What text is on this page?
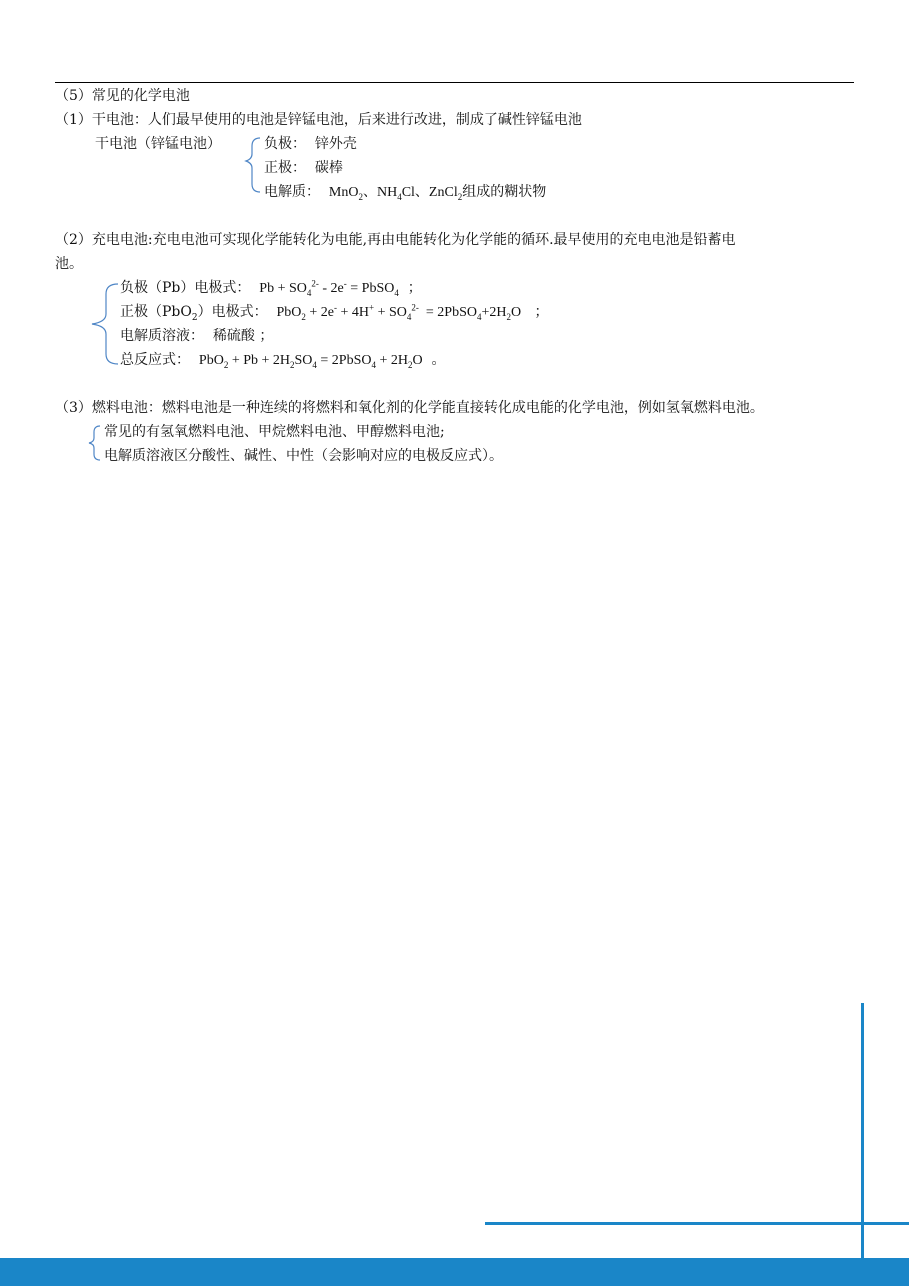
（5）常见的化学电池
（1）干电池：人们最早使用的电池是锌锰电池，后来进行改进，制成了碱性锌锰电池
干电池（锌锰电池）	负极： 锌外壳
正极： 碳棒
电解质： MnO$_2$、$NH_4Cl$、ZnCl$_2$组成的糊状物
（2）充电电池:充电电池可实现化学能转化为电能,再由电能转化为化学能的循环.最早使用的充电电池是铅蓄电
池。
负极（Pb）电极式： $Pb + SO_4^{2-} - 2e^-$ = PbSO$_4$ ；
正极（PbO$_2$）电极式： $PbO_2 + 2e^- + 4H^+ + SO_4^{2-}$  = $2PbSO_4+2H_2O$ ；
电解质溶液： 稀硫酸 ；
总反应式： $PbO_2 + Pb + 2H_2SO_4$ = 2PbSO$_4$ + $2H_2O$ 。
（3）燃料电池：燃料电池是一种连续的将燃料和氧化剂的化学能直接转化成电能的化学电池，例如氢氧燃料电池。
常见的有氢氧燃料电池、甲烷燃料电池、甲醇燃料电池;
电解质溶液区分酸性、碱性、中性（会影响对应的电极反应式）。
